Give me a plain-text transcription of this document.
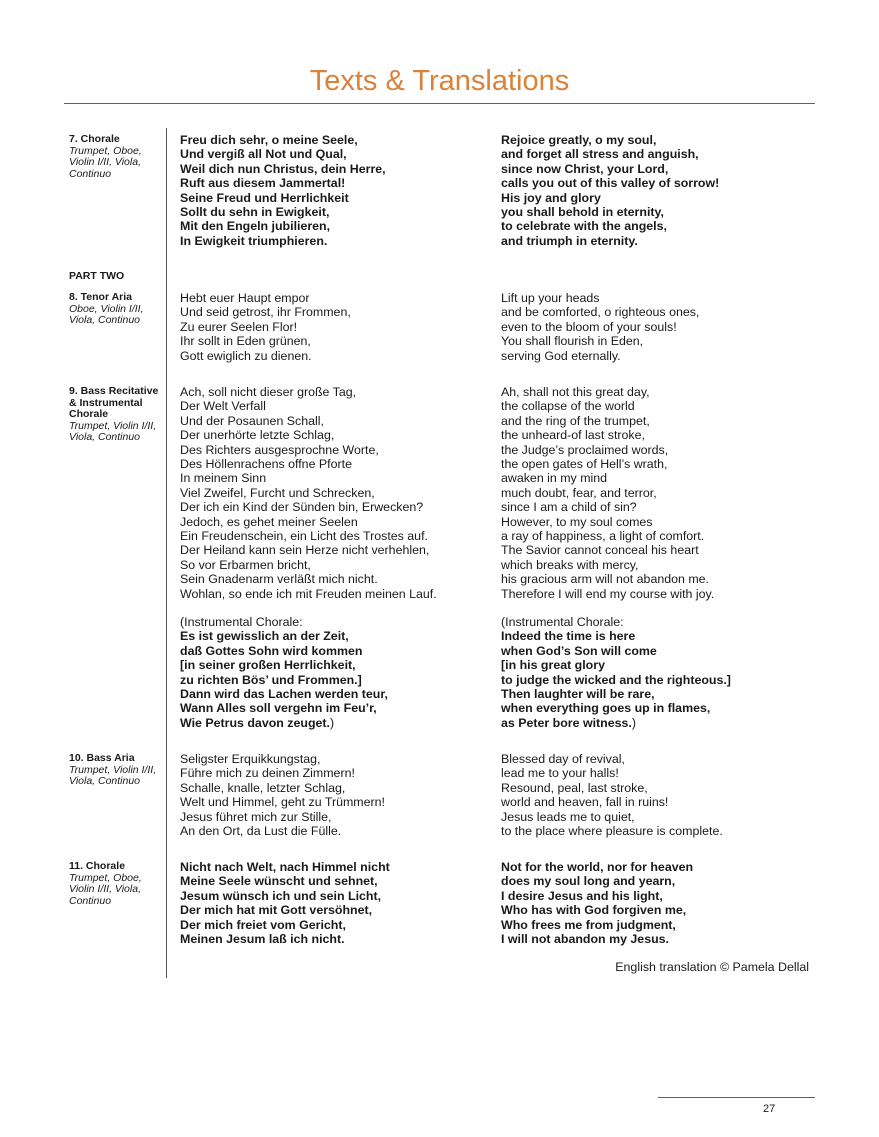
Texts & Translations
7. Chorale
Trumpet, Oboe, Violin I/II, Viola, Continuo
Freu dich sehr, o meine Seele,
Und vergiß all Not und Qual,
Weil dich nun Christus, dein Herre,
Ruft aus diesem Jammertal!
Seine Freud und Herrlichkeit
Sollt du sehn in Ewigkeit,
Mit den Engeln jubilieren,
In Ewigkeit triumphieren.
Rejoice greatly, o my soul,
and forget all stress and anguish,
since now Christ, your Lord,
calls you out of this valley of sorrow!
His joy and glory
you shall behold in eternity,
to celebrate with the angels,
and triumph in eternity.
PART TWO
8. Tenor Aria
Oboe, Violin I/II, Viola, Continuo
Hebt euer Haupt empor
Und seid getrost, ihr Frommen,
Zu eurer Seelen Flor!
Ihr sollt in Eden grünen,
Gott ewiglich zu dienen.
Lift up your heads
and be comforted, o righteous ones,
even to the bloom of your souls!
You shall flourish in Eden,
serving God eternally.
9. Bass Recitative & Instrumental Chorale
Trumpet, Violin I/II, Viola, Continuo
Ach, soll nicht dieser große Tag,
Der Welt Verfall
Und der Posaunen Schall,
Der unerhörte letzte Schlag,
Des Richters ausgesprochne Worte,
Des Höllenrachens offne Pforte
In meinem Sinn
Viel Zweifel, Furcht und Schrecken,
Der ich ein Kind der Sünden bin, Erwecken?
Jedoch, es gehet meiner Seelen
Ein Freudenschein, ein Licht des Trostes auf.
Der Heiland kann sein Herze nicht verhehlen,
So vor Erbarmen bricht,
Sein Gnadenarm verläßt mich nicht.
Wohlan, so ende ich mit Freuden meinen Lauf.
Ah, shall not this great day,
the collapse of the world
and the ring of the trumpet,
the unheard-of last stroke,
the Judge’s proclaimed words,
the open gates of Hell’s wrath,
awaken in my mind
much doubt, fear, and terror,
since I am a child of sin?
However, to my soul comes
a ray of happiness, a light of comfort.
The Savior cannot conceal his heart
which breaks with mercy,
his gracious arm will not abandon me.
Therefore I will end my course with joy.
(Instrumental Chorale:
Es ist gewisslich an der Zeit,
daß Gottes Sohn wird kommen
[in seiner großen Herrlichkeit,
zu richten Bös’ und Frommen.]
Dann wird das Lachen werden teur,
Wann Alles soll vergehn im Feu’r,
Wie Petrus davon zeuget.)
(Instrumental Chorale:
Indeed the time is here
when God’s Son will come
[in his great glory
to judge the wicked and the righteous.]
Then laughter will be rare,
when everything goes up in flames,
as Peter bore witness.)
10. Bass Aria
Trumpet, Violin I/II, Viola, Continuo
Seligster Erquikkungstag,
Führe mich zu deinen Zimmern!
Schalle, knalle, letzter Schlag,
Welt und Himmel, geht zu Trümmern!
Jesus führet mich zur Stille,
An den Ort, da Lust die Fülle.
Blessed day of revival,
lead me to your halls!
Resound, peal, last stroke,
world and heaven, fall in ruins!
Jesus leads me to quiet,
to the place where pleasure is complete.
11. Chorale
Trumpet, Oboe, Violin I/II, Viola, Continuo
Nicht nach Welt, nach Himmel nicht
Meine Seele wünscht und sehnet,
Jesum wünsch ich und sein Licht,
Der mich hat mit Gott versöhnet,
Der mich freiet vom Gericht,
Meinen Jesum laß ich nicht.
Not for the world, nor for heaven
does my soul long and yearn,
I desire Jesus and his light,
Who has with God forgiven me,
Who frees me from judgment,
I will not abandon my Jesus.
English translation © Pamela Dellal
27
